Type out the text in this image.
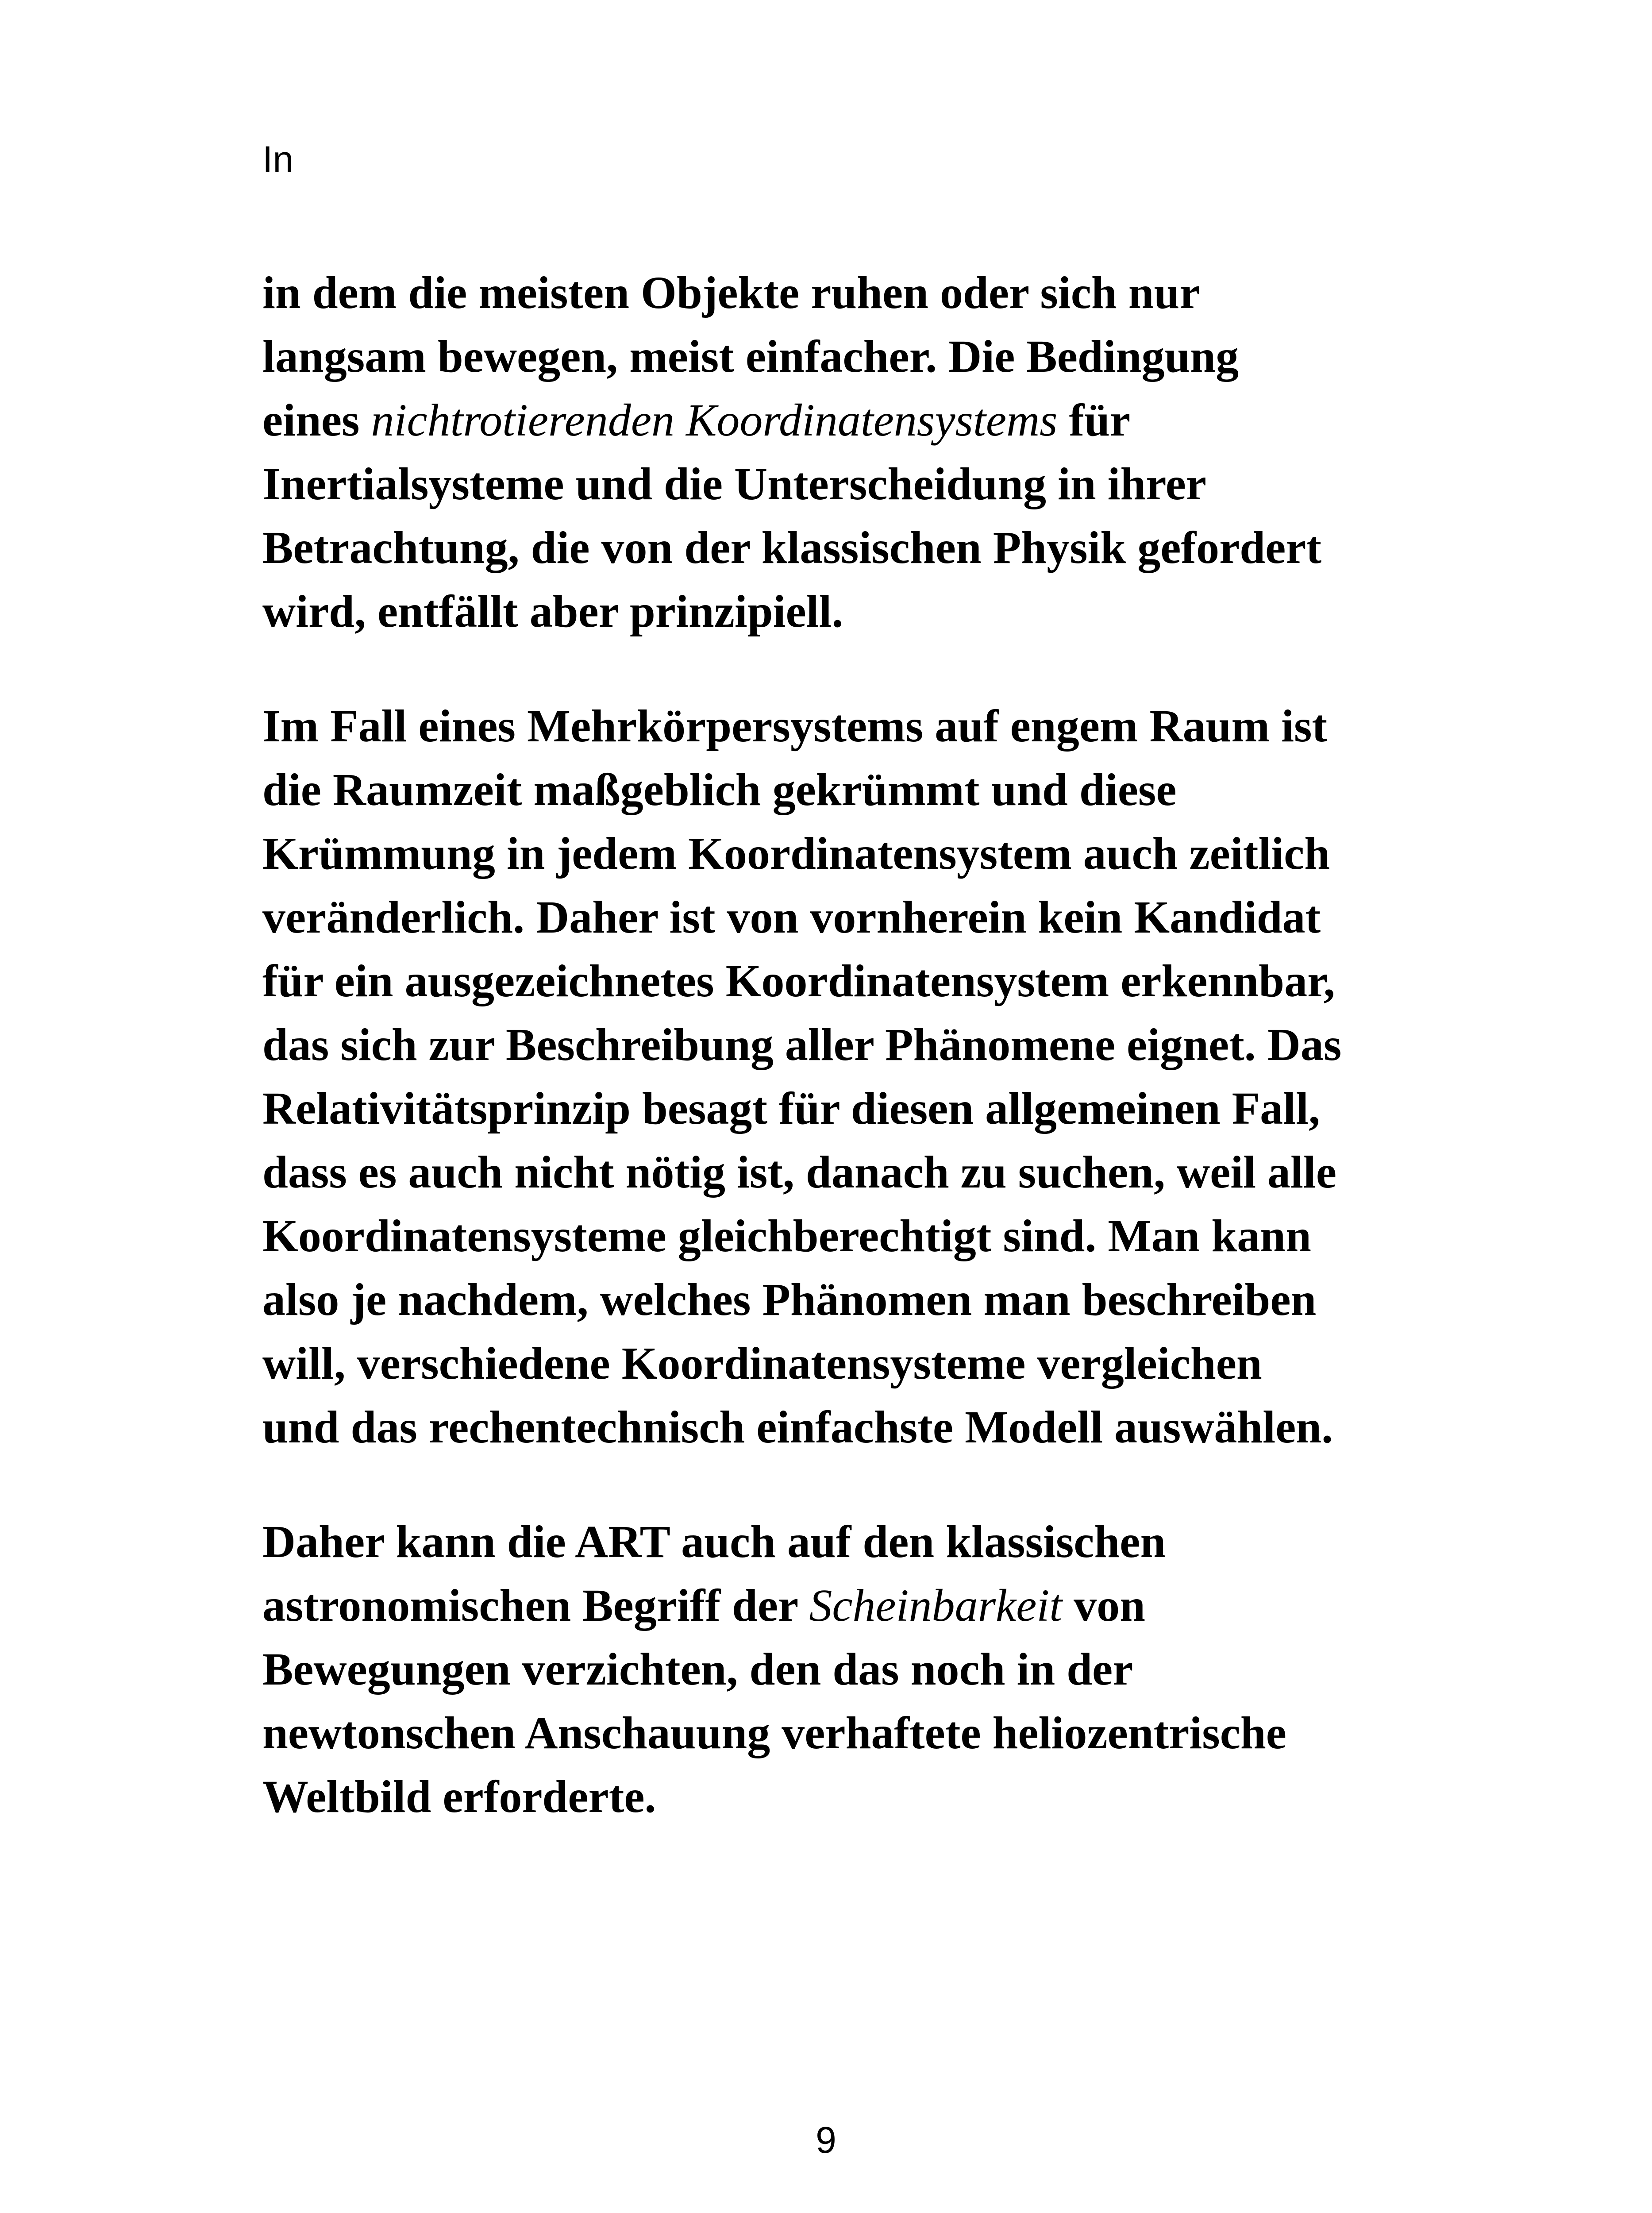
In

in dem die meisten Objekte ruhen oder sich nur
langsam bewegen, meist einfacher. Die Bedingung
eines nichtrotierenden Koordinatensystems für
Inertialsysteme und die Unterscheidung in ihrer
Betrachtung, die von der klassischen Physik gefordert
wird, entfällt aber prinzipiell.

Im Fall eines Mehrkörpersystems auf engem Raum ist
die Raumzeit maßgeblich gekrümmt und diese
Krümmung in jedem Koordinatensystem auch zeitlich
veränderlich. Daher ist von vornherein kein Kandidat
für ein ausgezeichnetes Koordinatensystem erkennbar,
das sich zur Beschreibung aller Phänomene eignet. Das
Relativitätsprinzip besagt für diesen allgemeinen Fall,
dass es auch nicht nötig ist, danach zu suchen, weil alle
Koordinatensysteme gleichberechtigt sind. Man kann
also je nachdem, welches Phänomen man beschreiben
will, verschiedene Koordinatensysteme vergleichen
und das rechentechnisch einfachste Modell auswählen.

Daher kann die ART auch auf den klassischen
astronomischen Begriff der Scheinbarkeit von
Bewegungen verzichten, den das noch in der
newtonschen Anschauung verhaftete heliozentrische
Weltbild erforderte.

9
